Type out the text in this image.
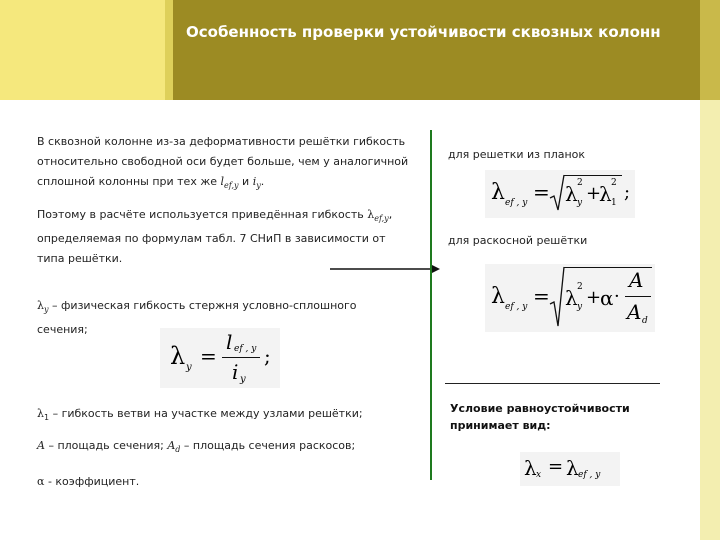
Особенность проверки устойчивости сквозных колонн
В сквозной колонне из-за деформативности решётки гибкость относительно свободной оси будет больше, чем у аналогичной сплошной колонны при тех же $l_{ef,y}$ и $i_y$.
Поэтому в расчёте используется приведённая гибкость $\lambda_{ef,y}$, определяемая по формулам табл. 7 СНиП в зависимости от типа решётки.
$\lambda_y$ – физическая гибкость стержня условно-сплошного сечения;
λ y =
l ef , y
i y
;
$\lambda_1$ – гибкость ветви на участке между узлами решётки;
A – площадь сечения; $A_d$ – площадь сечения раскосов;
α - коэффициент.
для решетки из планок
λ ef , y = λ y
2 +
λ 1
2 ;
для раскосной решётки
λ ef , y = λ y
2 +
α ·
A
A d
Условие равноустойчивости принимает вид:
λ x = λ ef , y
